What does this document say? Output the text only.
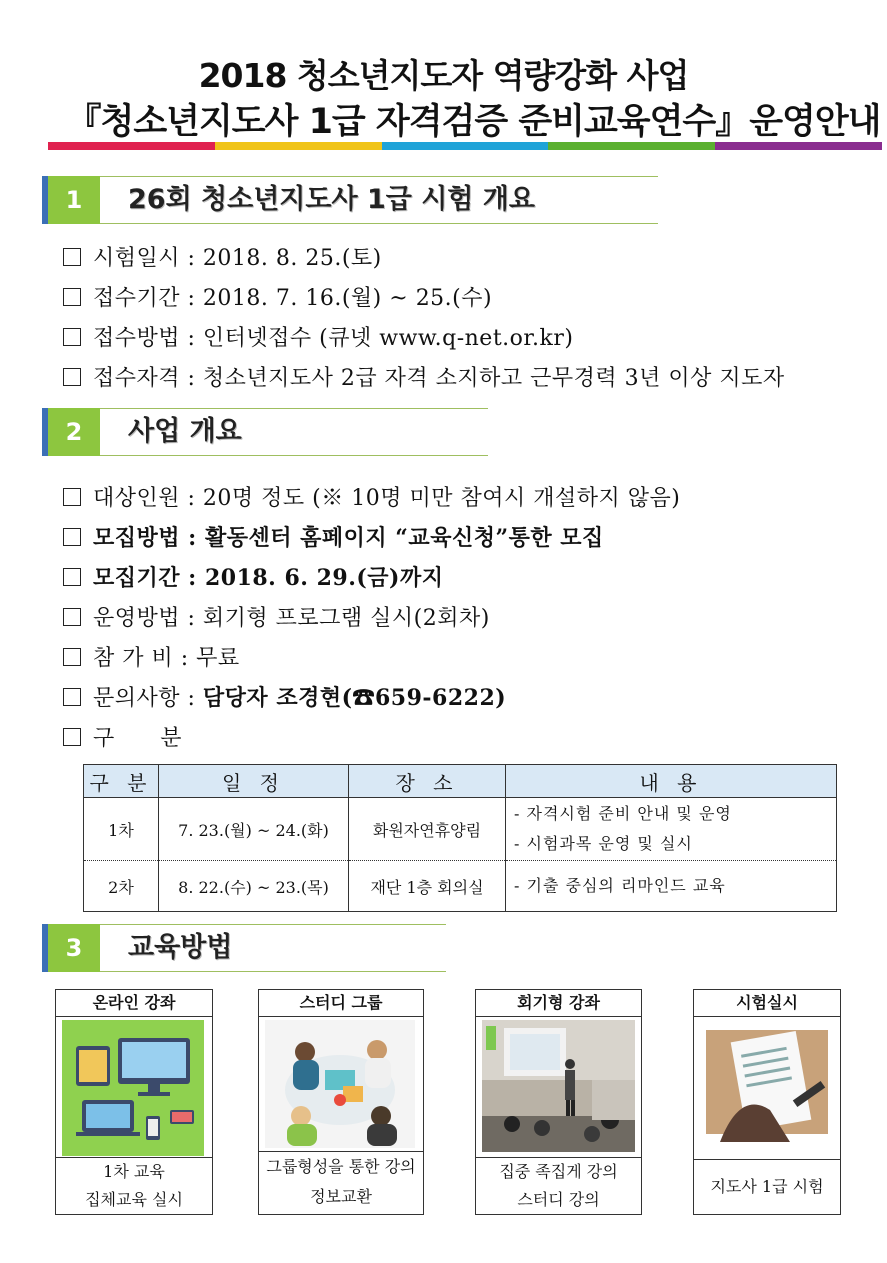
2018 청소년지도자 역량강화 사업
『청소년지도사 1급 자격검증 준비교육연수』운영안내
1	26회 청소년지도사 1급 시험 개요
시험일시 : 2018. 8. 25.(토)
접수기간 : 2018. 7. 16.(월) ~ 25.(수)
접수방법 : 인터넷접수 (큐넷 www.q-net.or.kr)
접수자격 : 청소년지도사 2급 자격 소지하고 근무경력 3년 이상 지도자
2	사업 개요
대상인원 : 20명 정도 (※ 10명 미만 참여시 개설하지 않음)
모집방법 : 활동센터 홈페이지 “교육신청”통한 모집
모집기간 : 2018. 6. 29.(금)까지
운영방법 : 회기형 프로그램 실시(2회차)
참 가 비 : 무료
문의사항 : 담당자 조경현(☎659-6222)
구 분
구 분	일 정	장 소	내 용
1차	7. 23.(월) ~ 24.(화)	화원자연휴양림	- 자격시험 준비 안내 및 운영
- 시험과목 운영 및 실시

2차	8. 22.(수) ~ 23.(목)	재단 1층 회의실	- 기출 중심의 리마인드 교육
3	교육방법
온라인 강좌
1차 교육
집체교육 실시
스터디 그룹
그룹형성을 통한 강의
정보교환
회기형 강좌
집중 족집게 강의
스터디 강의
시험실시
지도사 1급 시험
